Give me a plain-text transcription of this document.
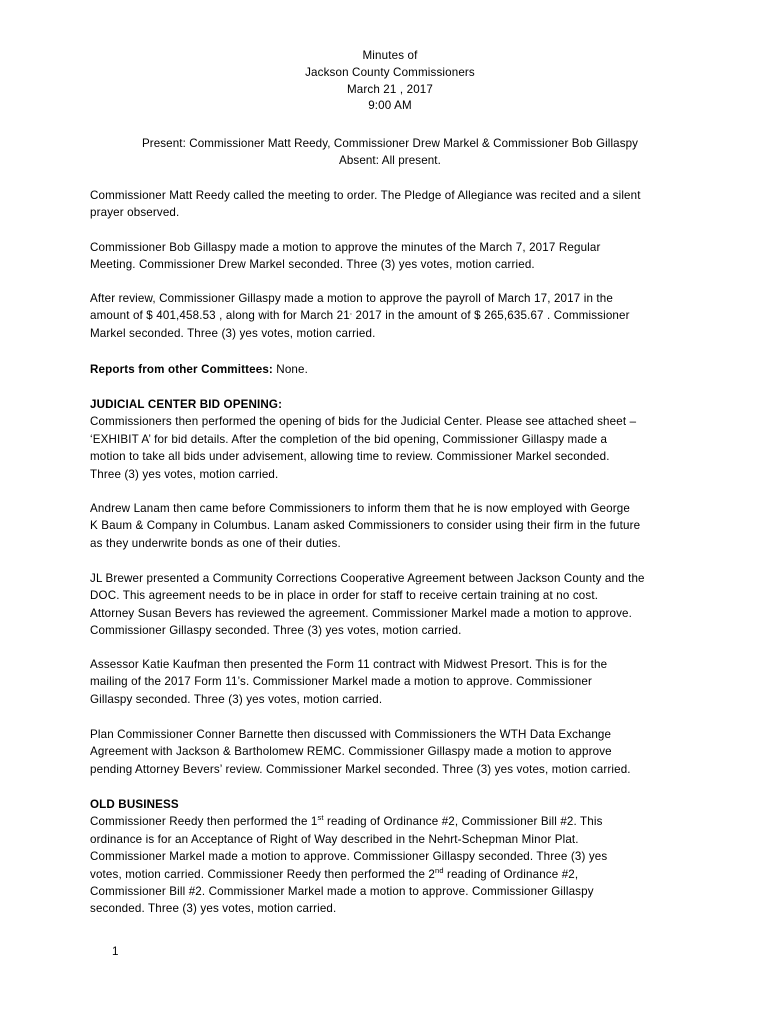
Minutes of
Jackson County Commissioners
March 21 , 2017
9:00 AM
Present: Commissioner Matt Reedy, Commissioner Drew Markel & Commissioner Bob Gillaspy
Absent: All present.
Commissioner Matt Reedy called the meeting to order. The Pledge of Allegiance was recited and a silent
prayer observed.
Commissioner Bob Gillaspy made a motion to approve the minutes of the March 7, 2017 Regular
Meeting. Commissioner Drew Markel seconded. Three (3) yes votes, motion carried.
After review, Commissioner Gillaspy made a motion to approve the payroll of March 17, 2017 in the
amount of $ 401,458.53 , along with for March 21, 2017 in the amount of $ 265,635.67 . Commissioner
Markel seconded. Three (3) yes votes, motion carried.
Reports from other Committees: None.
JUDICIAL CENTER BID OPENING:
Commissioners then performed the opening of bids for the Judicial Center. Please see attached sheet –
‘EXHIBIT A’ for bid details. After the completion of the bid opening, Commissioner Gillaspy made a
motion to take all bids under advisement, allowing time to review. Commissioner Markel seconded.
Three (3) yes votes, motion carried.
Andrew Lanam then came before Commissioners to inform them that he is now employed with George
K Baum & Company in Columbus. Lanam asked Commissioners to consider using their firm in the future
as they underwrite bonds as one of their duties.
JL Brewer presented a Community Corrections Cooperative Agreement between Jackson County and the
DOC. This agreement needs to be in place in order for staff to receive certain training at no cost.
Attorney Susan Bevers has reviewed the agreement. Commissioner Markel made a motion to approve.
Commissioner Gillaspy seconded. Three (3) yes votes, motion carried.
Assessor Katie Kaufman then presented the Form 11 contract with Midwest Presort. This is for the
mailing of the 2017 Form 11’s. Commissioner Markel made a motion to approve. Commissioner
Gillaspy seconded. Three (3) yes votes, motion carried.
Plan Commissioner Conner Barnette then discussed with Commissioners the WTH Data Exchange
Agreement with Jackson & Bartholomew REMC. Commissioner Gillaspy made a motion to approve
pending Attorney Bevers’ review. Commissioner Markel seconded. Three (3) yes votes, motion carried.
OLD BUSINESS
Commissioner Reedy then performed the 1st reading of Ordinance #2, Commissioner Bill #2. This
ordinance is for an Acceptance of Right of Way described in the Nehrt-Schepman Minor Plat.
Commissioner Markel made a motion to approve. Commissioner Gillaspy seconded. Three (3) yes
votes, motion carried. Commissioner Reedy then performed the 2nd reading of Ordinance #2,
Commissioner Bill #2. Commissioner Markel made a motion to approve. Commissioner Gillaspy
seconded. Three (3) yes votes, motion carried.
1
